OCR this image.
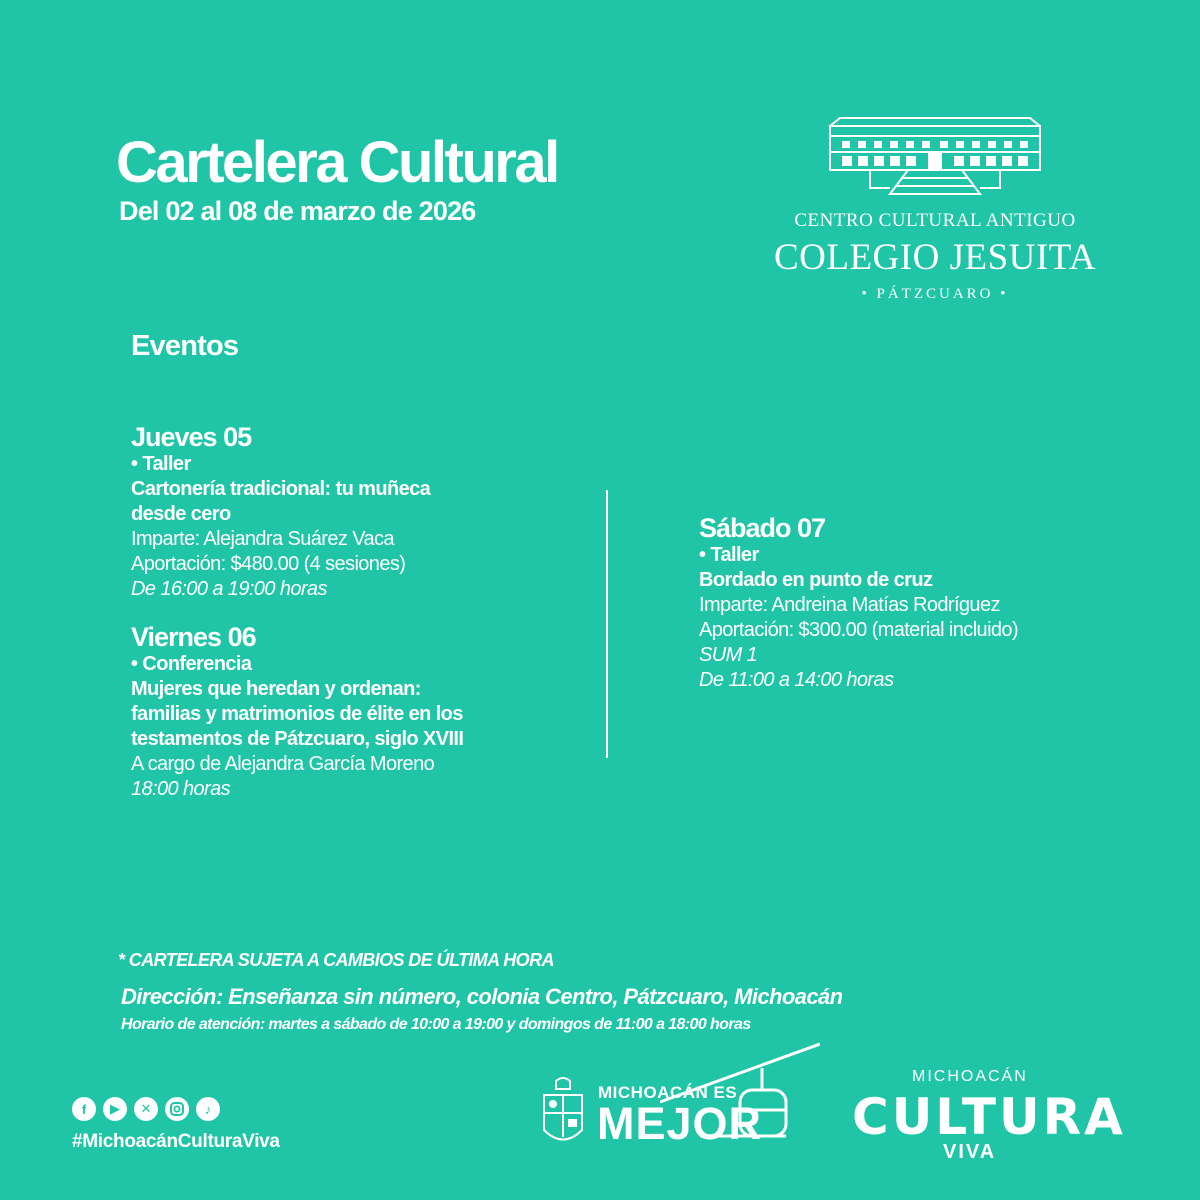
Cartelera Cultural
Del 02 al 08 de marzo de 2026	CENTRO CULTURAL ANTIGUO
COLEGIO JESUITA
• PÁTZCUARO •
Eventos
Jueves 05
• Taller
Cartonería tradicional: tu muñeca
desde cero
Imparte: Alejandra Suárez Vaca
Aportación: $480.00 (4 sesiones)
De 16:00 a 19:00 horas
Viernes 06
• Conferencia
Mujeres que heredan y ordenan:
familias y matrimonios de élite en los
testamentos de Pátzcuaro, siglo XVIII
A cargo de Alejandra García Moreno
18:00 horas
Sábado 07
• Taller
Bordado en punto de cruz
Imparte: Andreina Matías Rodríguez
Aportación: $300.00 (material incluido)
SUM 1
De 11:00 a 14:00 horas
* CARTELERA SUJETA A CAMBIOS DE ÚLTIMA HORA
Dirección: Enseñanza sin número, colonia Centro, Pátzcuaro, Michoacán
Horario de atención: martes a sábado de 10:00 a 19:00 y domingos de 11:00 a 18:00 horas
f	▶	✕	♪
#MichoacánCulturaViva
MICHOACÁN ES
MEJOR
MICHOACÁN
CULTURA
VIVA
